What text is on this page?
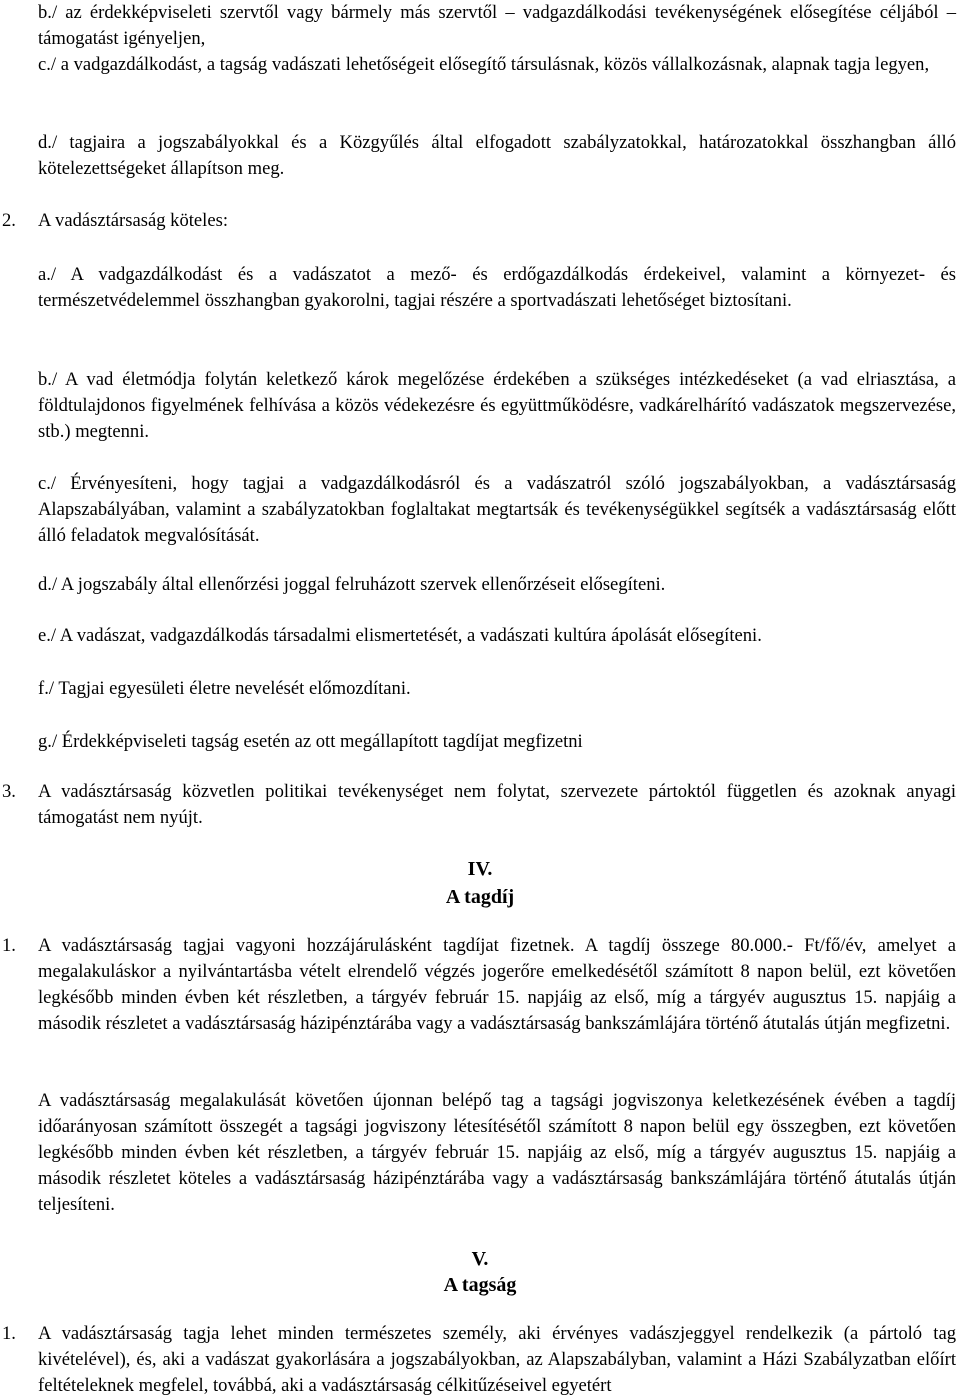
b./ az érdekképviseleti szervtől vagy bármely más szervtől – vadgazdálkodási tevékenységének elősegítése céljából – támogatást igényeljen,

c./ a vadgazdálkodást, a tagság vadászati lehetőségeit elősegítő társulásnak, közös vállalkozásnak, alapnak tagja legyen,

d./ tagjaira a jogszabályokkal és a Közgyűlés által elfogadott szabályzatokkal, határozatokkal összhangban álló kötelezettségeket állapítson meg.

2. A vadásztársaság köteles:

a./ A vadgazdálkodást és a vadászatot a mező- és erdőgazdálkodás érdekeivel, valamint a környezet- és természetvédelemmel összhangban gyakorolni, tagjai részére a sportvadászati lehetőséget biztosítani.

b./ A vad életmódja folytán keletkező károk megelőzése érdekében a szükséges intézkedéseket (a vad elriasztása, a földtulajdonos figyelmének felhívása a közös védekezésre és együttműködésre, vadkárelhárító vadászatok megszervezése, stb.) megtenni.

c./ Érvényesíteni, hogy tagjai a vadgazdálkodásról és a vadászatról szóló jogszabályokban, a vadásztársaság Alapszabályában, valamint a szabályzatokban foglaltakat megtartsák és tevékenységükkel segítsék a vadásztársaság előtt álló feladatok megvalósítását.

d./ A jogszabály által ellenőrzési joggal felruházott szervek ellenőrzéseit elősegíteni.

e./ A vadászat, vadgazdálkodás társadalmi elismertetését, a vadászati kultúra ápolását elősegíteni.

f./ Tagjai egyesületi életre nevelését előmozdítani.

g./ Érdekképviseleti tagság esetén az ott megállapított tagdíjat megfizetni

3. A vadásztársaság közvetlen politikai tevékenységet nem folytat, szervezete pártoktól független és azoknak anyagi támogatást nem nyújt.

IV.

A tagdíj

1. A vadásztársaság tagjai vagyoni hozzájárulásként tagdíjat fizetnek. A tagdíj összege 80.000.- Ft/fő/év, amelyet a megalakuláskor a nyilvántartásba vételt elrendelő végzés jogerőre emelkedésétől számított 8 napon belül, ezt követően legkésőbb minden évben két részletben, a tárgyév február 15. napjáig az első, míg a tárgyév augusztus 15. napjáig a második részletet a vadásztársaság házipénztárába vagy a vadásztársaság bankszámlájára történő átutalás útján megfizetni.

A vadásztársaság megalakulását követően újonnan belépő tag a tagsági jogviszonya keletkezésének évében a tagdíj időarányosan számított összegét a tagsági jogviszony létesítésétől számított 8 napon belül egy összegben, ezt követően legkésőbb minden évben két részletben, a tárgyév február 15. napjáig az első, míg a tárgyév augusztus 15. napjáig a második részletet köteles a vadásztársaság házipénztárába vagy a vadásztársaság bankszámlájára történő átutalás útján teljesíteni.

V.

A tagság

1. A vadásztársaság tagja lehet minden természetes személy, aki érvényes vadászjeggyel rendelkezik (a pártoló tag kivételével), és, aki a vadászat gyakorlására a jogszabályokban, az Alapszabályban, valamint a Házi Szabályzatban előírt feltételeknek megfelel, továbbá, aki a vadásztársaság célkitűzéseivel egyetért
